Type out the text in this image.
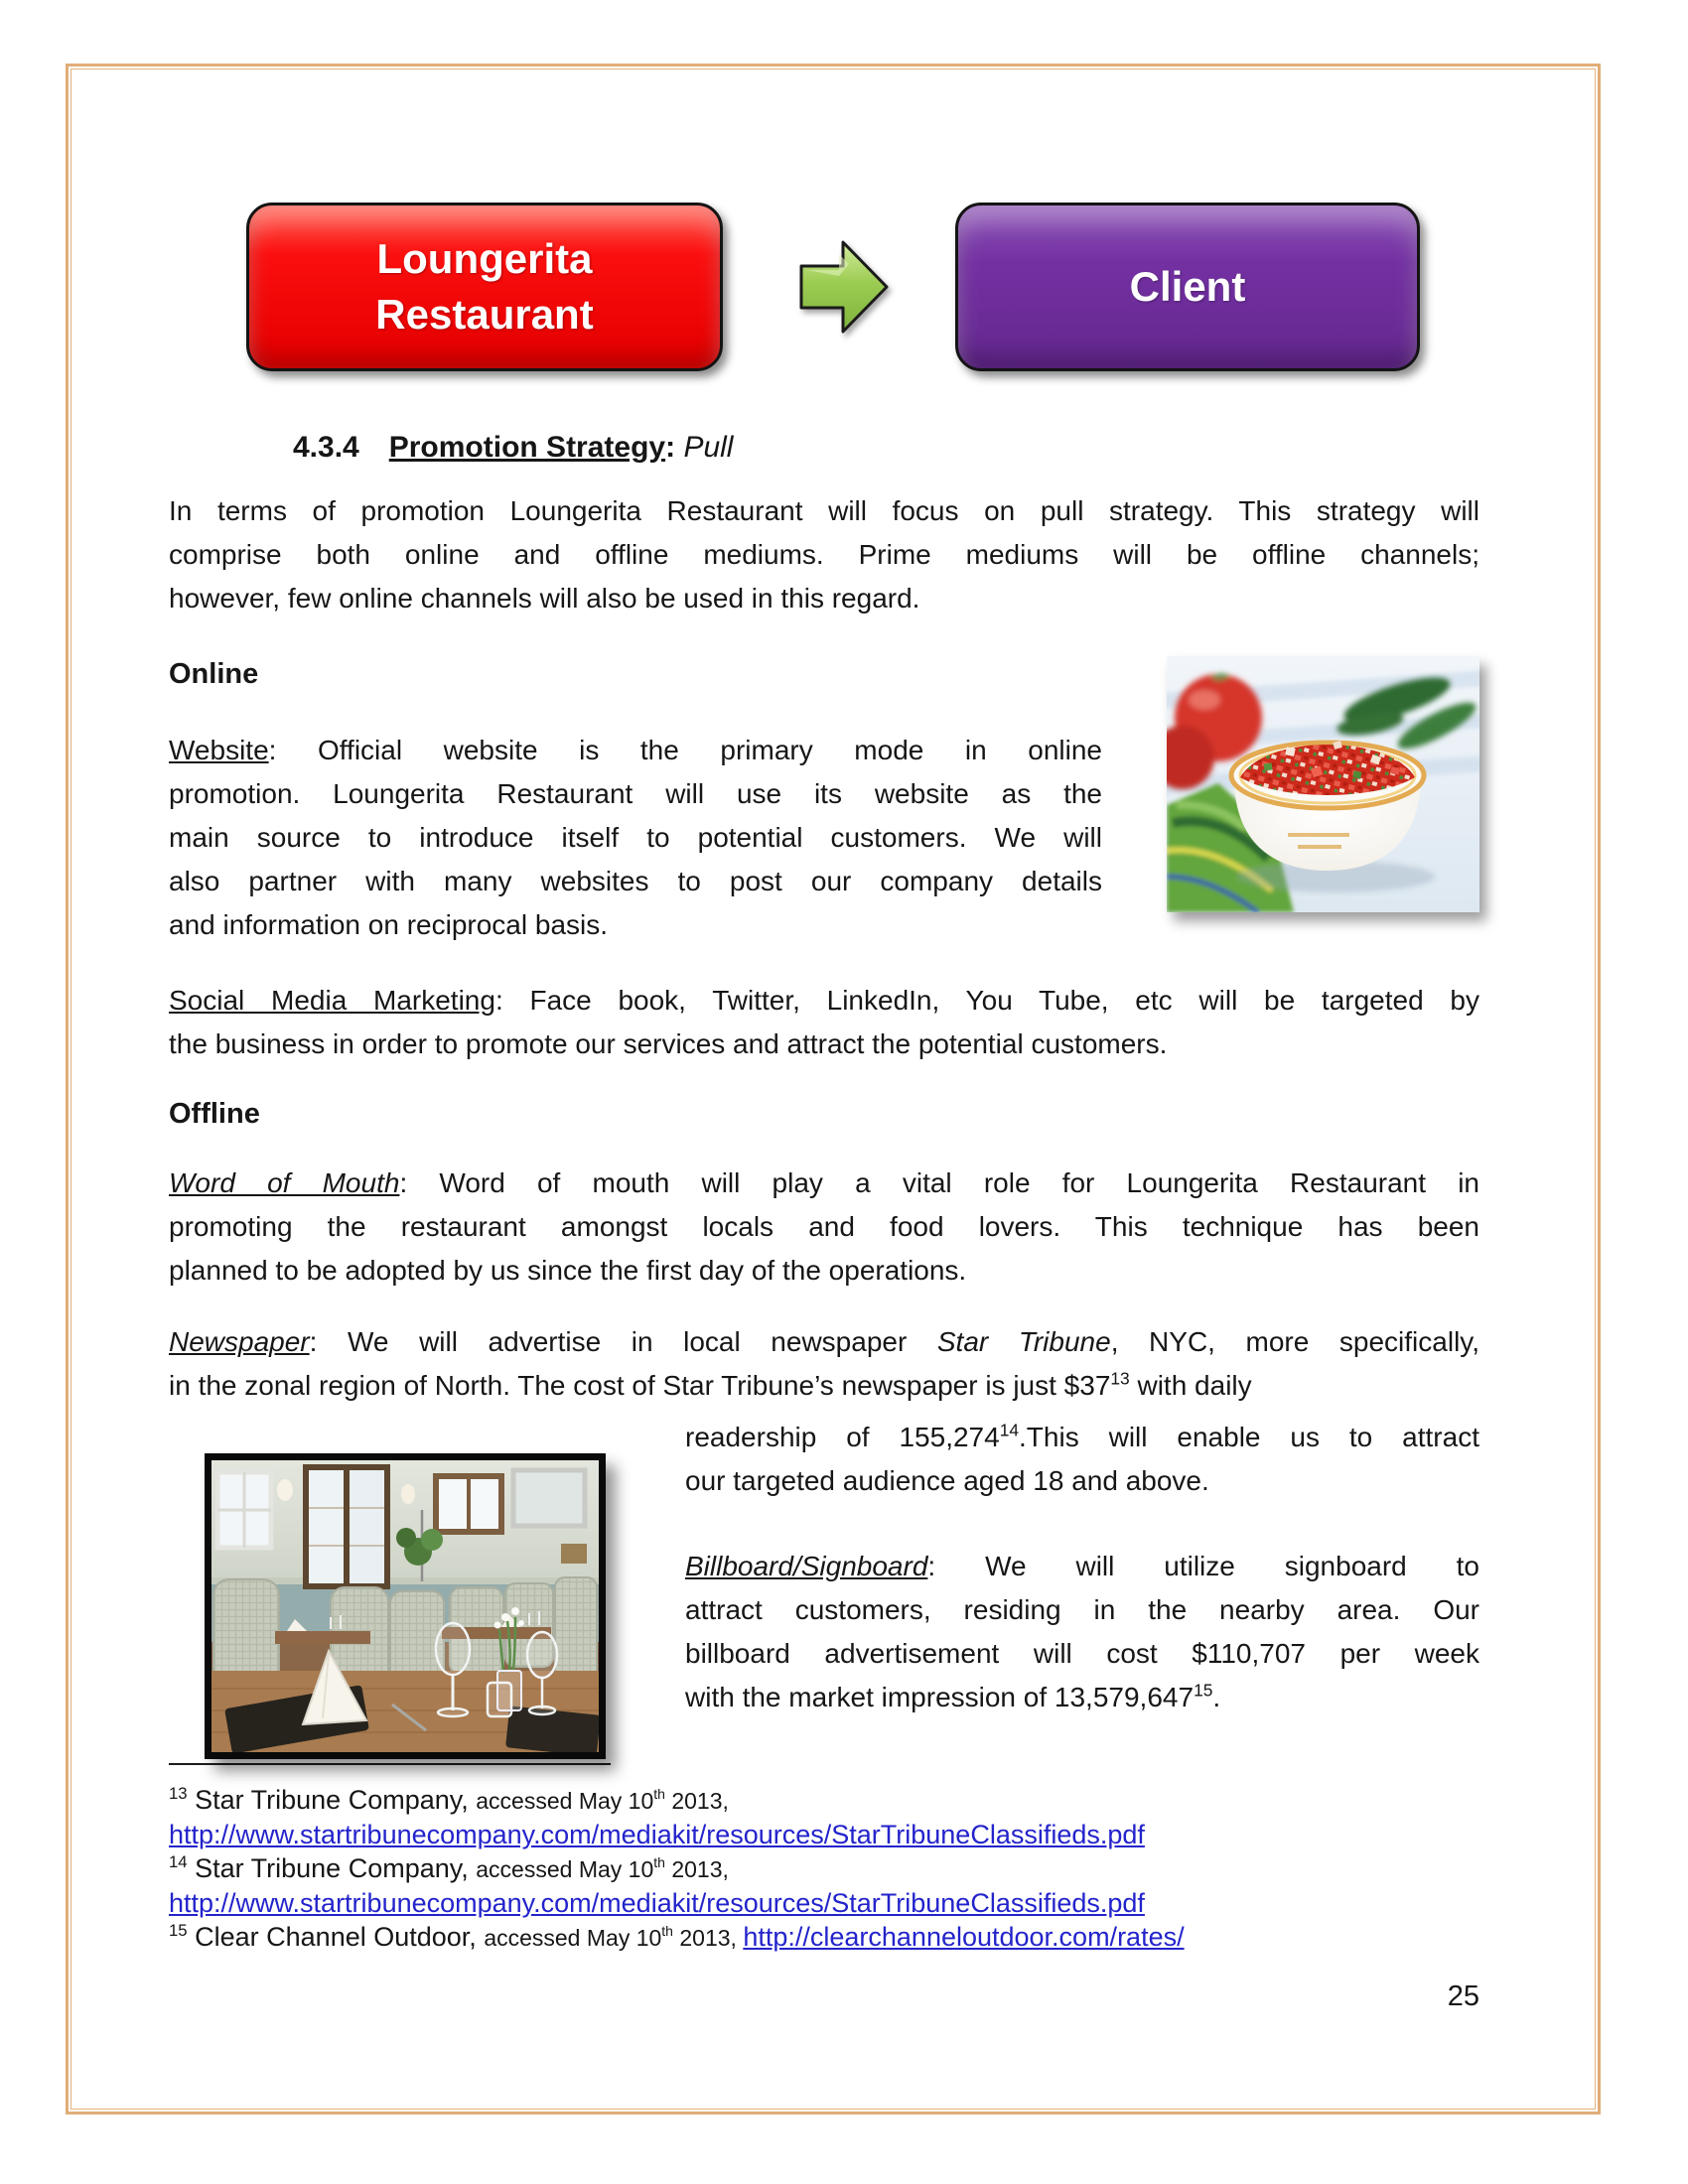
Loungerita
Restaurant
Client
4.3.4 Promotion Strategy: Pull
In terms of promotion Loungerita Restaurant will focus on pull strategy. This strategy will
comprise both online and offline mediums. Prime mediums will be offline channels;
however, few online channels will also be used in this regard.
Online
Website: Official website is the primary mode in online
promotion. Loungerita Restaurant will use its website as the
main source to introduce itself to potential customers. We will
also partner with many websites to post our company details
and information on reciprocal basis.
Social Media Marketing: Face book, Twitter, LinkedIn, You Tube, etc will be targeted by
the business in order to promote our services and attract the potential customers.
Offline
Word of Mouth: Word of mouth will play a vital role for Loungerita Restaurant in
promoting the restaurant amongst locals and food lovers. This technique has been
planned to be adopted by us since the first day of the operations.
Newspaper: We will advertise in local newspaper Star Tribune, NYC, more specifically,
in the zonal region of North. The cost of Star Tribune’s newspaper is just $\$37^{13}$ with daily
readership of 155,274$^{14}$.This will enable us to attract
our targeted audience aged 18 and above.
Billboard/Signboard: We will utilize signboard to
attract customers, residing in the nearby area. Our
billboard advertisement will cost $110,707 per week
with the market impression of 13,579,647$^{15}$.
$^{13}$ Star Tribune Company, accessed May 10th 2013,
http://www.startribunecompany.com/mediakit/resources/StarTribuneClassifieds.pdf
$^{14}$ Star Tribune Company, accessed May 10th 2013,
http://www.startribunecompany.com/mediakit/resources/StarTribuneClassifieds.pdf
$^{15}$ Clear Channel Outdoor, accessed May 10th 2013, http://clearchanneloutdoor.com/rates/
25
